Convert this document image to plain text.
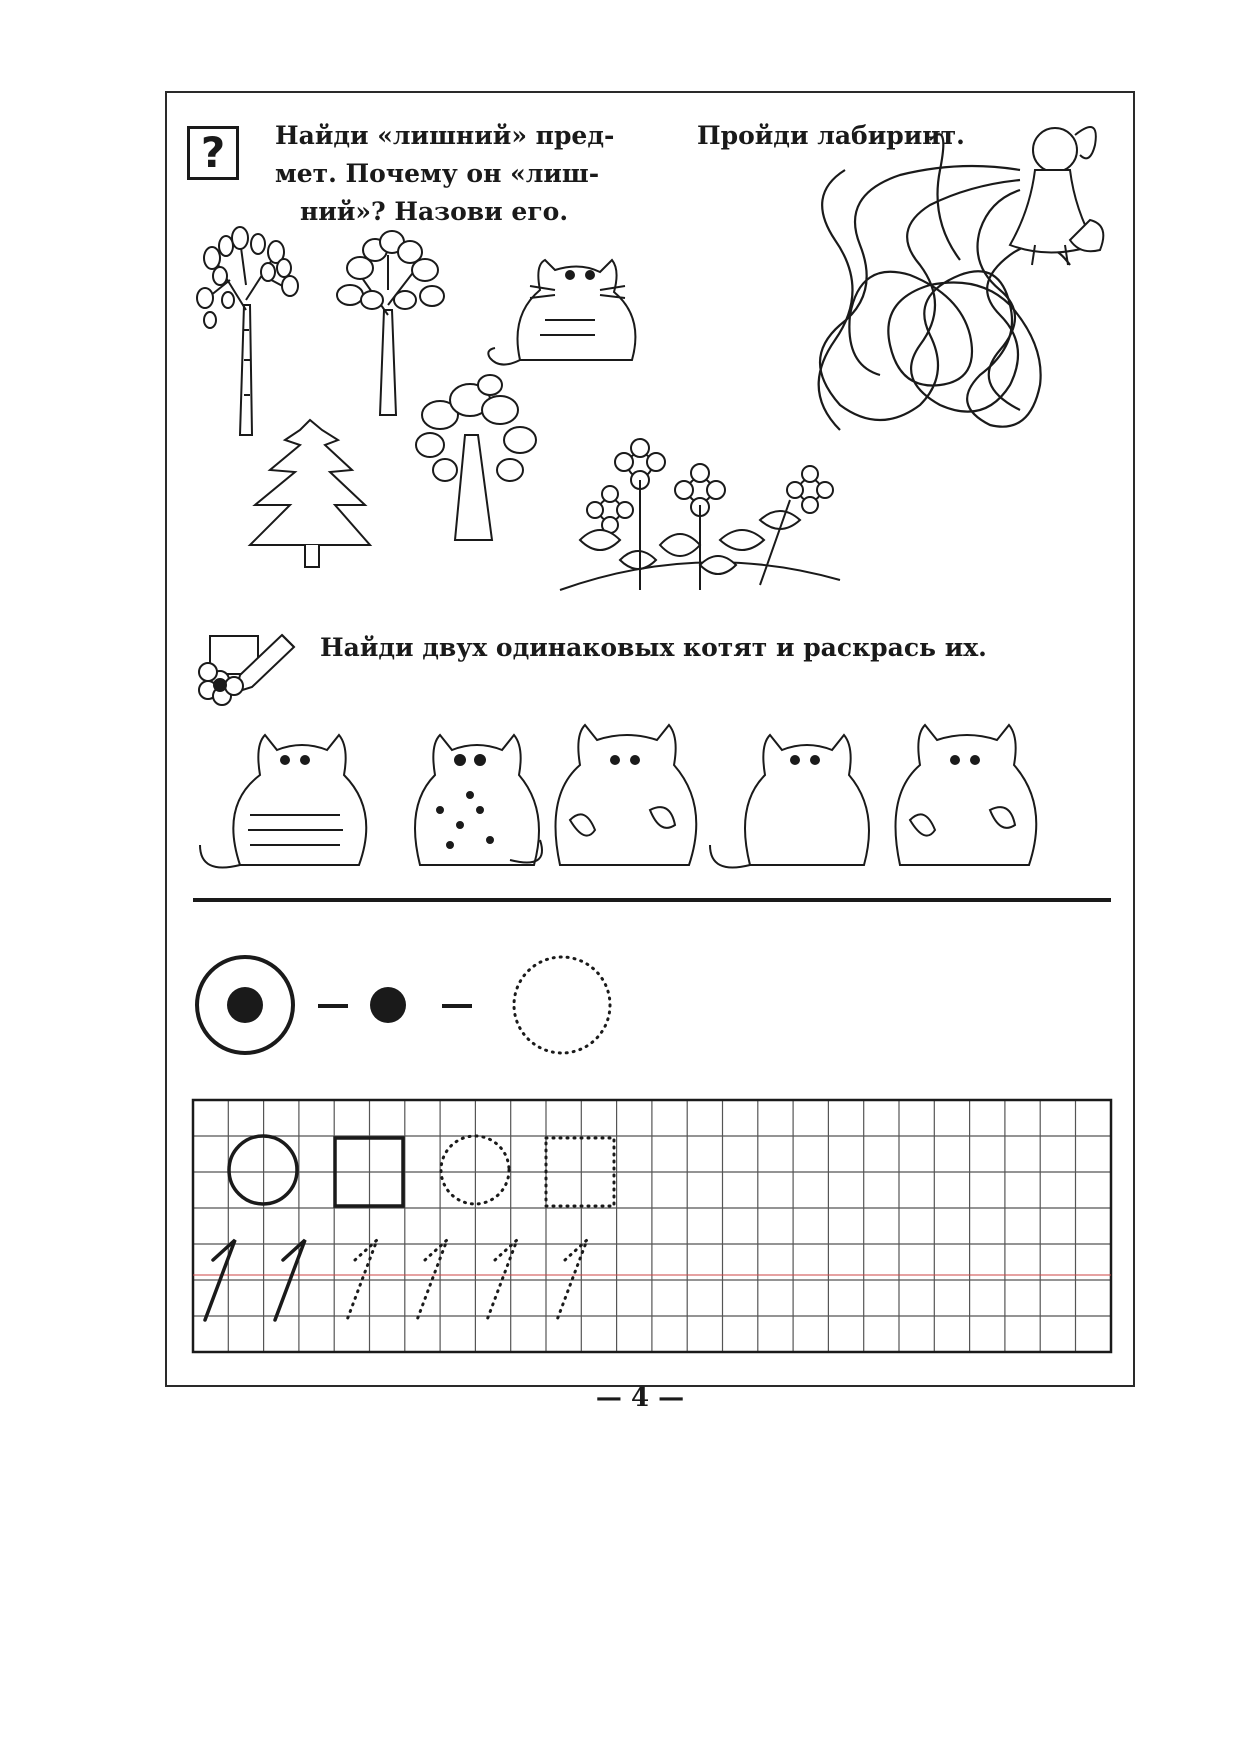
?	Найди «лишний» пред-

мет. Почему он «лиш-

ний»? Назови его.

Пройди лабиринт.

Найди двух одинаковых котят и раскрась их.

— 4 —
